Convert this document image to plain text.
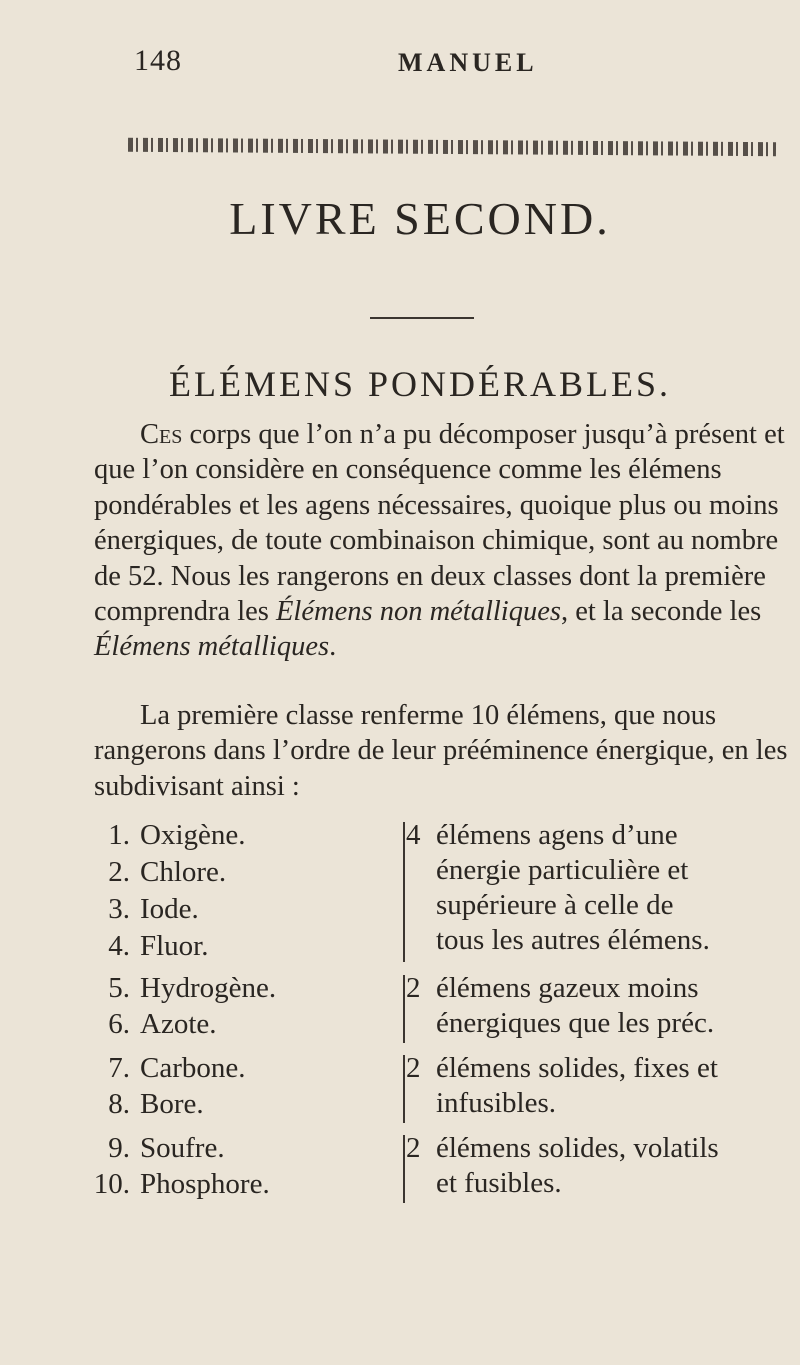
148	MANUEL
LIVRE SECOND.
ÉLÉMENS PONDÉRABLES.
Ces corps que l’on n’a pu décomposer jusqu’à présent et que l’on considère en conséquence comme les élémens pondérables et les agens nécessaires, quoique plus ou moins énergiques, de toute combinaison chimique, sont au nombre de 52. Nous les rangerons en deux classes dont la première comprendra les Élémens non métalliques, et la seconde les Élémens métalliques.
La première classe renferme 10 élémens, que nous rangerons dans l’ordre de leur prééminence énergique, en les subdivisant ainsi :
1. Oxigène.
2. Chlore.
3. Iode.
4. Fluor.
5. Hydrogène.
6. Azote.
7. Carbone.
8. Bore.
9. Soufre.
10. Phosphore.
4 élémens agens d’une
énergie particulière et
supérieure à celle de
tous les autres élémens.
2 élémens gazeux moins
énergiques que les préc.
2 élémens solides, fixes et
infusibles.
2 élémens solides, volatils
et fusibles.
